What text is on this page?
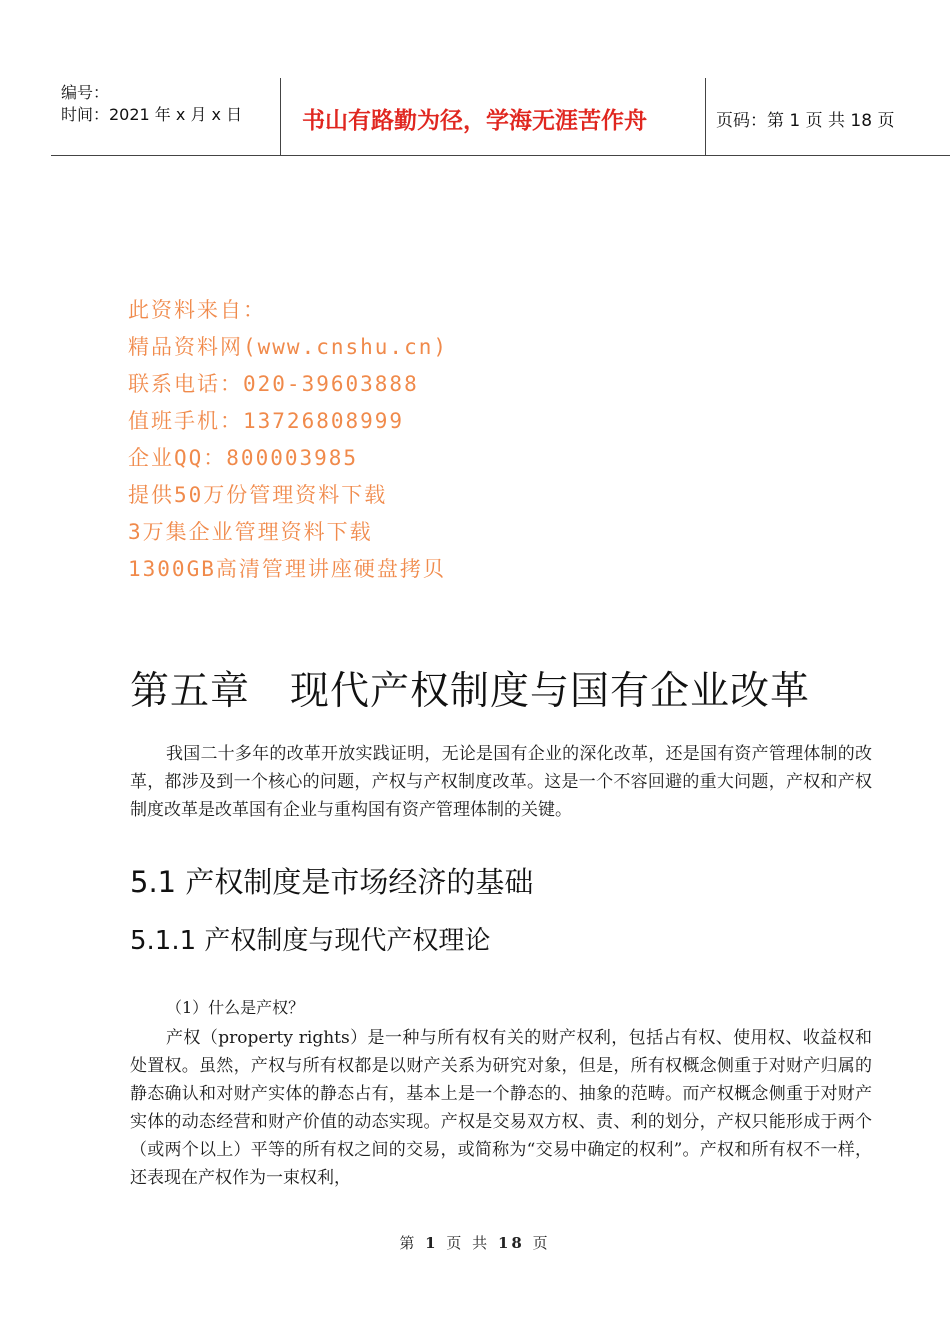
编号：
时间：2021 年 x 月 x 日	书山有路勤为径，学海无涯苦作舟	页码：第 1 页 共 18 页
此资料来自：
精品资料网(www.cnshu.cn)
联系电话：020-39603888
值班手机：13726808999
企业QQ：800003985
提供50万份管理资料下载
3万集企业管理资料下载
1300GB高清管理讲座硬盘拷贝
第五章 现代产权制度与国有企业改革
我国二十多年的改革开放实践证明，无论是国有企业的深化改革，还是国有资产管理体制的改革，都涉及到一个核心的问题，产权与产权制度改革。这是一个不容回避的重大问题，产权和产权制度改革是改革国有企业与重构国有资产管理体制的关键。
5.1 产权制度是市场经济的基础
5.1.1 产权制度与现代产权理论
（1）什么是产权？
产权（property rights）是一种与所有权有关的财产权利，包括占有权、使用权、收益权和处置权。虽然，产权与所有权都是以财产关系为研究对象，但是，所有权概念侧重于对财产归属的静态确认和对财产实体的静态占有，基本上是一个静态的、抽象的范畴。而产权概念侧重于对财产实体的动态经营和财产价值的动态实现。产权是交易双方权、责、利的划分，产权只能形成于两个（或两个以上）平等的所有权之间的交易，或简称为“交易中确定的权利”。产权和所有权不一样，还表现在产权作为一束权利，
第 1 页 共 18 页
